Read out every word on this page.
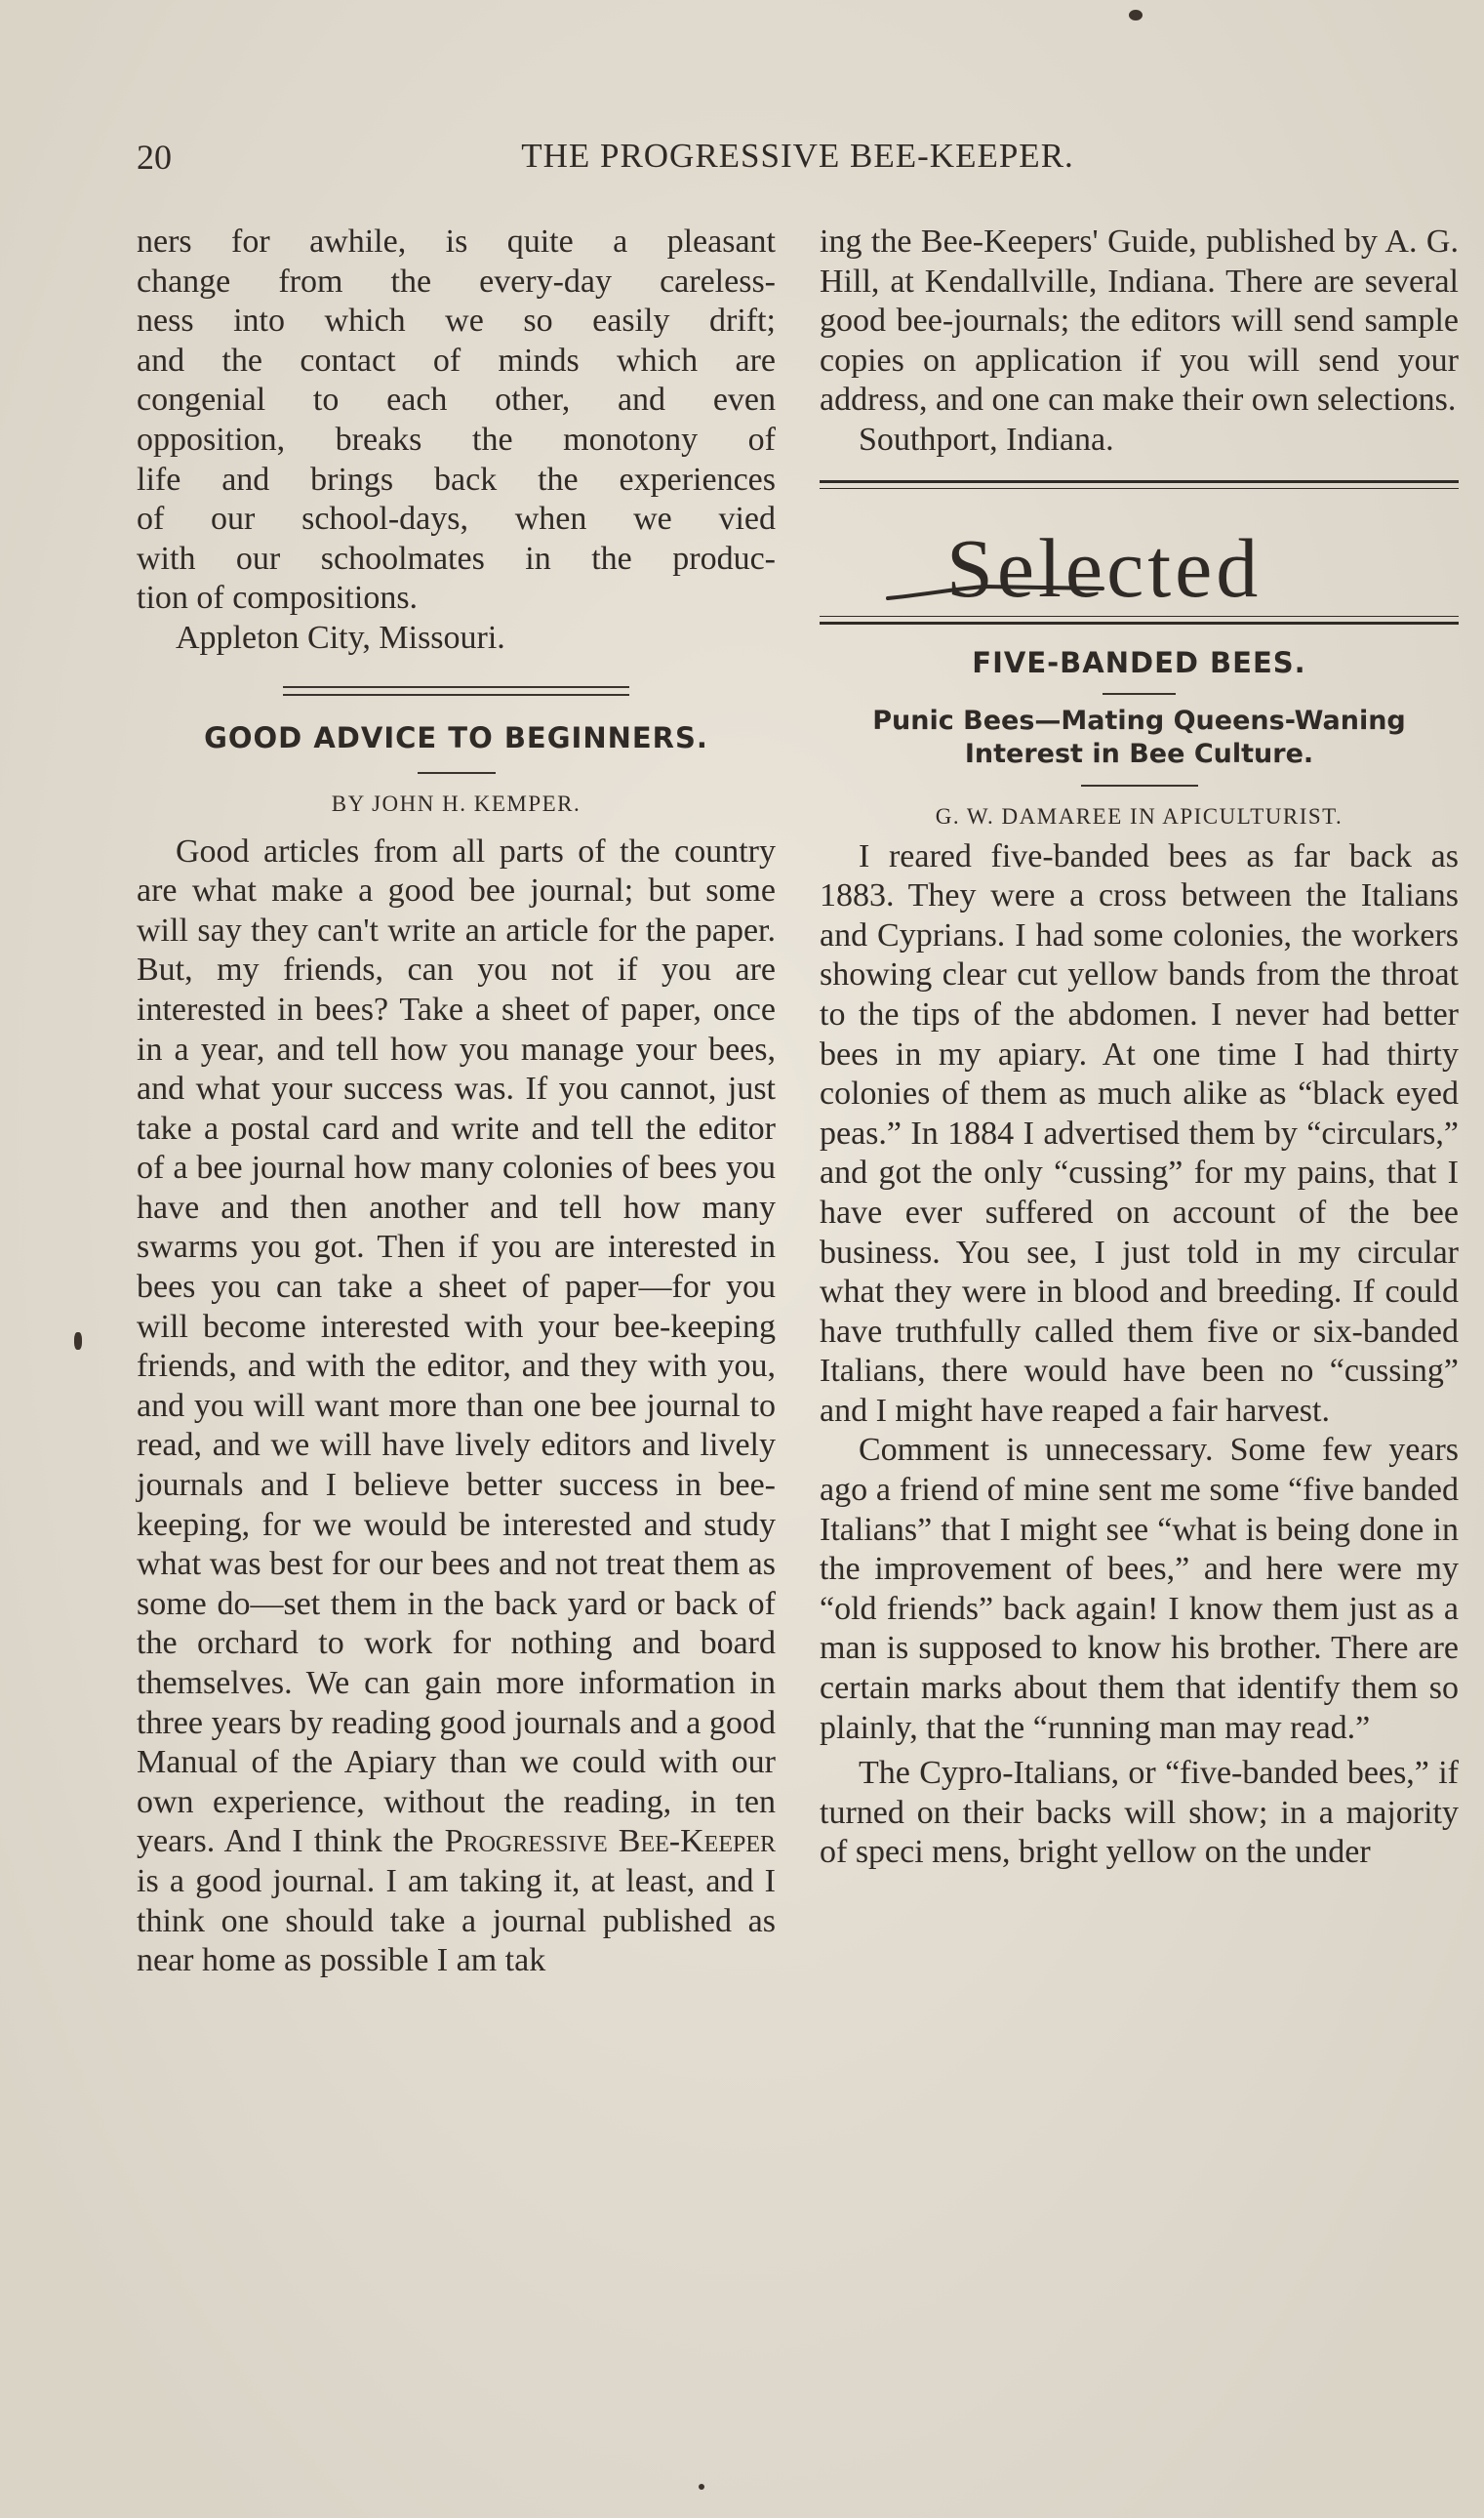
20	THE PROGRESSIVE BEE-KEEPER.
ners for awhile, is quite a pleasant
change from the every-day careless-
ness into which we so easily drift;
and the contact of minds which are
congenial to each other, and even
opposition, breaks the monotony of
life and brings back the experiences
of our school-days, when we vied
with our schoolmates in the produc-
tion of compositions.

Appleton City, Missouri.

GOOD ADVICE TO BEGINNERS.

BY JOHN H. KEMPER.

Good articles from all parts of the country are what make a good bee journal; but some will say they can't write an article for the paper. But, my friends, can you not if you are interested in bees? Take a sheet of paper, once in a year, and tell how you manage your bees, and what your success was. If you cannot, just take a postal card and write and tell the editor of a bee journal how many colonies of bees you have and then another and tell how many swarms you got. Then if you are interested in bees you can take a sheet of paper—for you will become interested with your bee-keeping friends, and with the editor, and they with you, and you will want more than one bee journal to read, and we will have lively editors and lively journals and I believe better success in bee-keeping, for we would be interested and study what was best for our bees and not treat them as some do—set them in the back yard or back of the orchard to work for nothing and board themselves. We can gain more information in three years by reading good journals and a good Manual of the Apiary than we could with our own experience, without the reading, in ten years. And I think the Progressive Bee-Keeper is a good journal. I am taking it, at least, and I think one should take a journal published as near home as possible I am tak

ing the Bee-Keepers' Guide, published by A. G. Hill, at Kendallville, Indiana. There are several good bee-journals; the editors will send sample copies on application if you will send your address, and one can make their own selections.

Southport, Indiana.

Selected

FIVE-BANDED BEES.

Punic Bees—Mating Queens-Waning

Interest in Bee Culture.

G. W. DAMAREE IN APICULTURIST.

I reared five-banded bees as far back as 1883. They were a cross between the Italians and Cyprians. I had some colonies, the workers showing clear cut yellow bands from the throat to the tips of the abdomen. I never had better bees in my apiary. At one time I had thirty colonies of them as much alike as “black eyed peas.” In 1884 I advertised them by “circulars,” and got the only “cussing” for my pains, that I have ever suffered on account of the bee business. You see, I just told in my circular what they were in blood and breeding. If could have truthfully called them five or six-banded Italians, there would have been no “cussing” and I might have reaped a fair harvest.

Comment is unnecessary. Some few years ago a friend of mine sent me some “five banded Italians” that I might see “what is being done in the improvement of bees,” and here were my “old friends” back again! I know them just as a man is supposed to know his brother. There are certain marks about them that identify them so plainly, that the “running man may read.”

The Cypro-Italians, or “five-banded bees,” if turned on their backs will show; in a majority of speci mens, bright yellow on the under
